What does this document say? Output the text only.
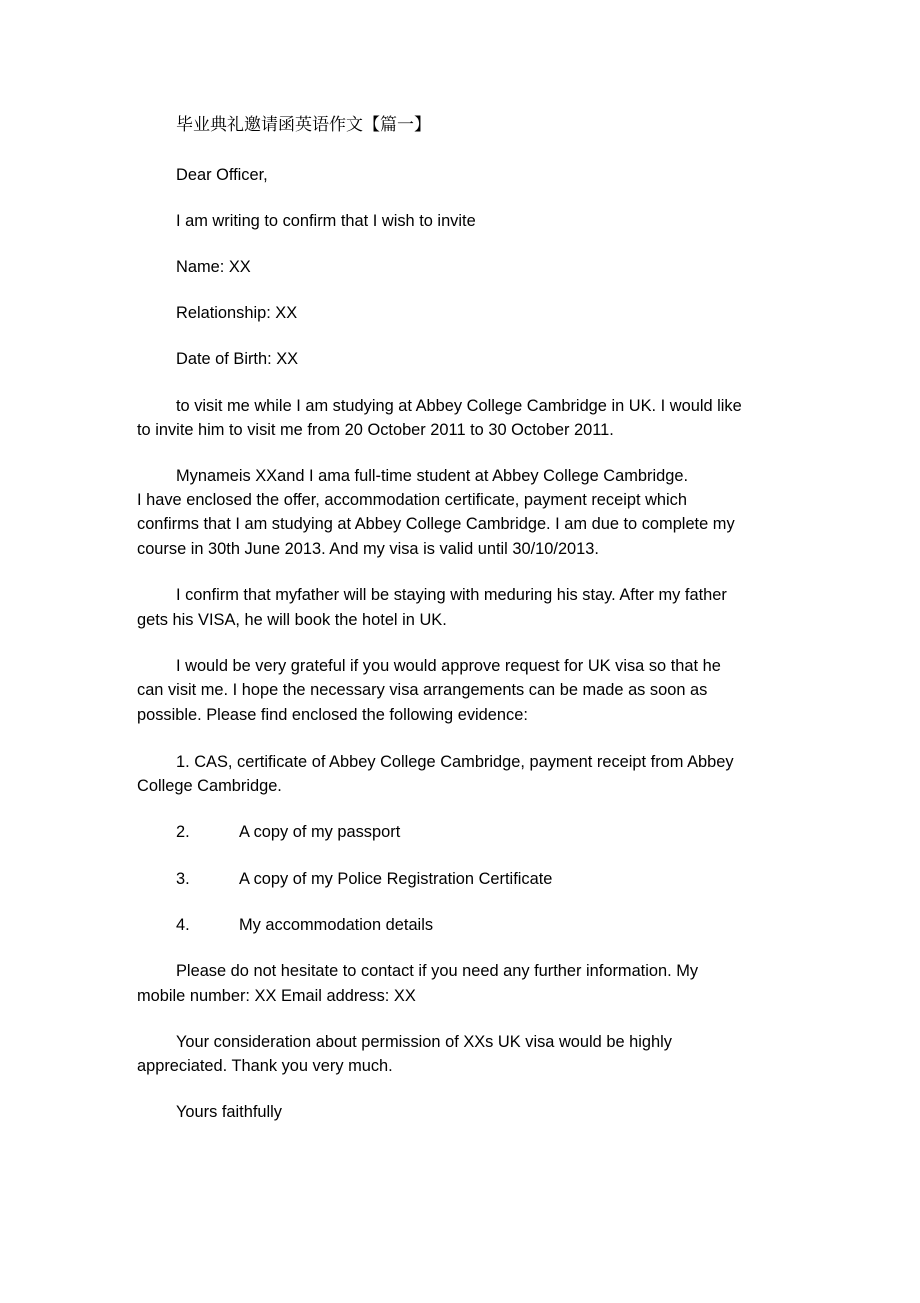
毕业典礼邀请函英语作文【篇一】

Dear Officer,

I am writing to confirm that I wish to invite

Name: XX

Relationship: XX

Date of Birth: XX

to visit me while I am studying at Abbey College Cambridge in UK. I would like

to invite him to visit me from 20 October 2011 to 30 October 2011.

Mynameis XXand I ama full-time student at Abbey College Cambridge.

I have enclosed the offer, accommodation certificate, payment receipt which

confirms that I am studying at Abbey College Cambridge. I am due to complete my

course in 30th June 2013. And my visa is valid until 30/10/2013.

I confirm that myfather will be staying with meduring his stay. After my father

gets his VISA, he will book the hotel in UK.

I would be very grateful if you would approve request for UK visa so that he

can visit me. I hope the necessary visa arrangements can be made as soon as

possible. Please find enclosed the following evidence:

1. CAS, certificate of Abbey College Cambridge, payment receipt from Abbey

College Cambridge.

2.	A copy of my passport
3.	A copy of my Police Registration Certificate
4.	My accommodation details

Please do not hesitate to contact if you need any further information. My

mobile number: XX Email address: XX

Your consideration about permission of XXs UK visa would be highly

appreciated. Thank you very much.

Yours faithfully
